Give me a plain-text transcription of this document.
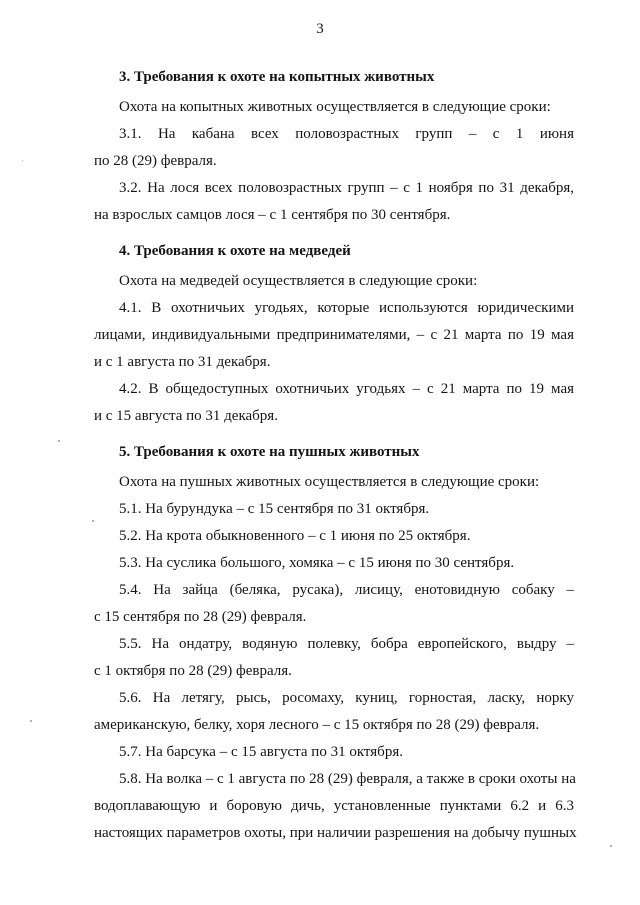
3
3. Требования к охоте на копытных животных
Охота на копытных животных осуществляется в следующие сроки:
3.1. На кабана всех половозрастных групп – с 1 июня
по 28 (29) февраля.
3.2. На лося всех половозрастных групп – с 1 ноября по 31 декабря,
на взрослых самцов лося – с 1 сентября по 30 сентября.
4. Требования к охоте на медведей
Охота на медведей осуществляется в следующие сроки:
4.1. В охотничьих угодьях, которые используются юридическими
лицами, индивидуальными предпринимателями, – с 21 марта по 19 мая
и с 1 августа по 31 декабря.
4.2. В общедоступных охотничьих угодьях – с 21 марта по 19 мая
и с 15 августа по 31 декабря.
5. Требования к охоте на пушных животных
Охота на пушных животных осуществляется в следующие сроки:
5.1. На бурундука – с 15 сентября по 31 октября.
5.2. На крота обыкновенного – с 1 июня по 25 октября.
5.3. На суслика большого, хомяка – с 15 июня по 30 сентября.
5.4. На зайца (беляка, русака), лисицу, енотовидную собаку –
с 15 сентября по 28 (29) февраля.
5.5. На ондатру, водяную полевку, бобра европейского, выдру –
с 1 октября по 28 (29) февраля.
5.6. На летягу, рысь, росомаху, куниц, горностая, ласку, норку
американскую, белку, хоря лесного – с 15 октября по 28 (29) февраля.
5.7. На барсука – с 15 августа по 31 октября.
5.8. На волка – с 1 августа по 28 (29) февраля, а также в сроки охоты на
водоплавающую и боровую дичь, установленные пунктами 6.2 и 6.3
настоящих параметров охоты, при наличии разрешения на добычу пушных
